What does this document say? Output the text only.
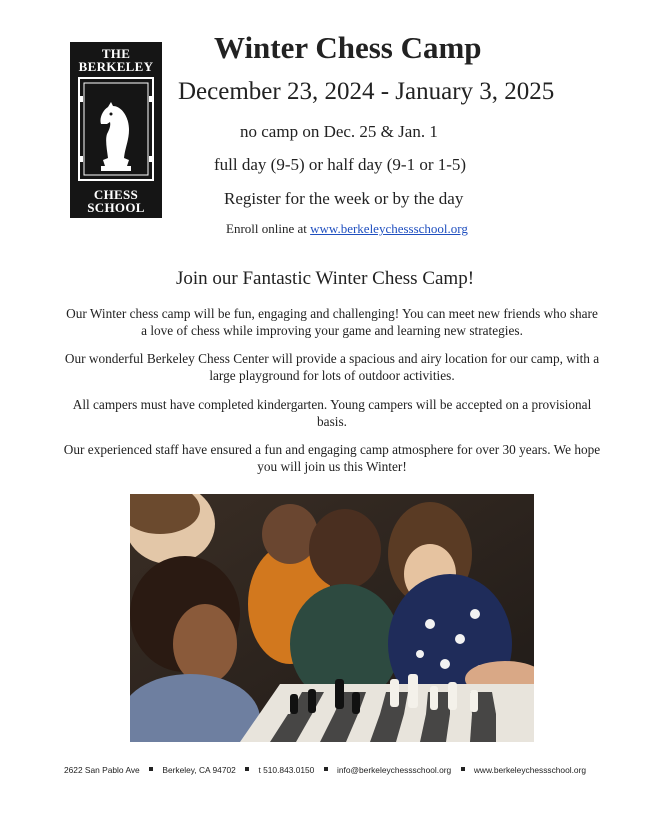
THE
BERKELEY
CHESS
SCHOOL
Winter Chess Camp
December 23, 2024 - January 3, 2025
no camp on Dec. 25 & Jan. 1
full day (9-5) or half day (9-1 or 1-5)
Register for the week or by the day
Enroll online at www.berkeleychessschool.org
Join our Fantastic Winter Chess Camp!
Our Winter chess camp will be fun, engaging and challenging! You can meet new friends who share a love of chess while improving your game and learning new strategies.
Our wonderful Berkeley Chess Center will provide a spacious and airy location for our camp, with a large playground for lots of outdoor activities.
All campers must have completed kindergarten. Young campers will be accepted on a provisional basis.
Our experienced staff have ensured a fun and engaging camp atmosphere for over 30 years. We hope you will join us this Winter!
2622 San Pablo Ave	Berkeley, CA 94702	t 510.843.0150	info@berkeleychessschool.org	www.berkeleychessschool.org
